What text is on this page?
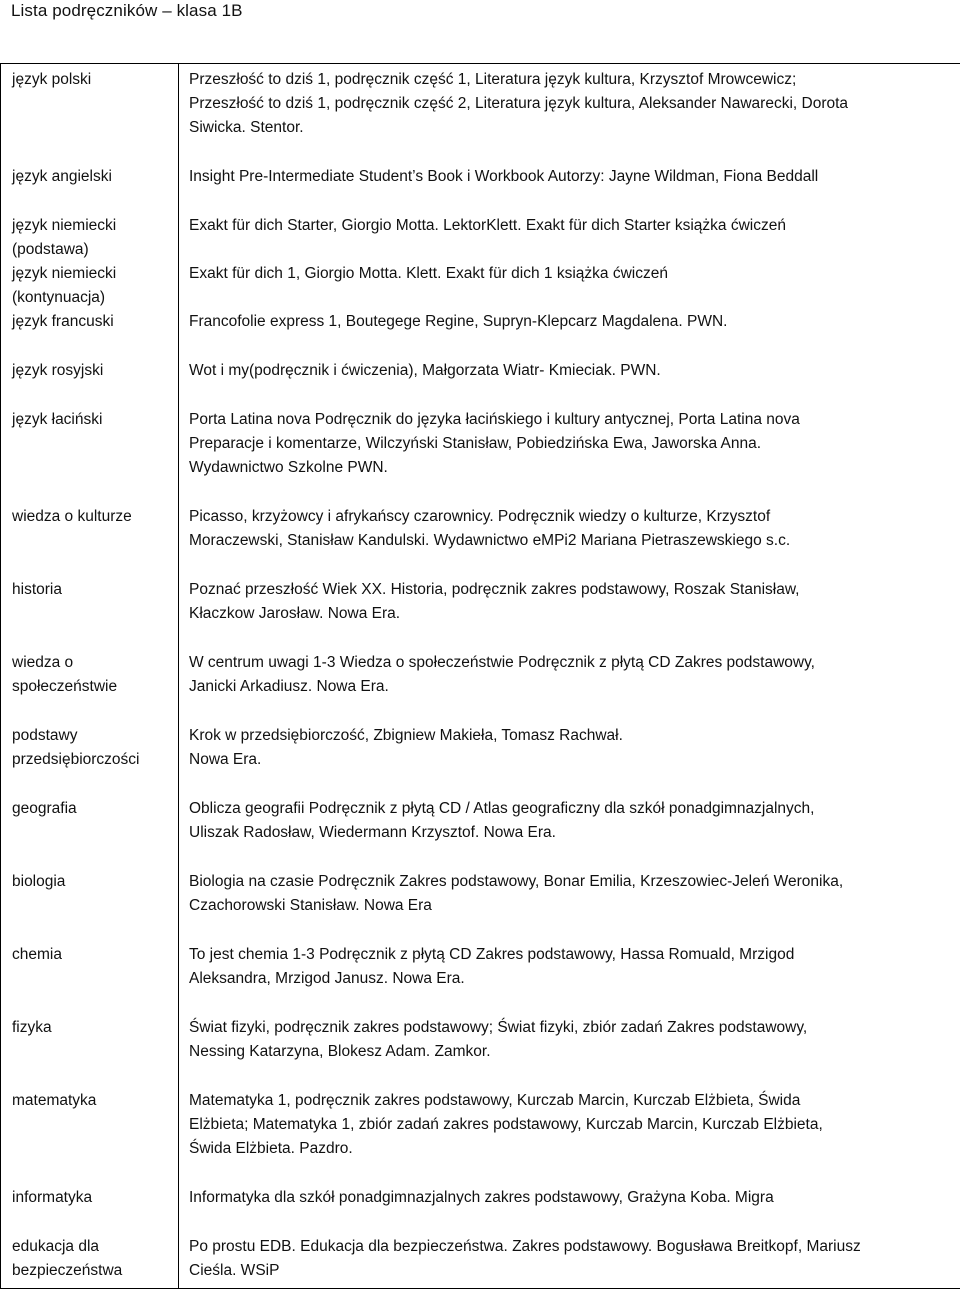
Lista podręczników – klasa 1B
język polski	Przeszłość to dziś 1, podręcznik część 1, Literatura język kultura, Krzysztof Mrowcewicz;
Przeszłość to dziś 1, podręcznik część 2, Literatura język kultura, Aleksander Nawarecki, Dorota
Siwicka. Stentor.

język angielski	Insight Pre-Intermediate Student’s Book i Workbook Autorzy: Jayne Wildman, Fiona Beddall

język niemiecki
(podstawa)	Exakt für dich Starter, Giorgio Motta. LektorKlett. Exakt für dich Starter książka ćwiczeń

język niemiecki
(kontynuacja)	Exakt für dich 1, Giorgio Motta. Klett. Exakt für dich 1 książka ćwiczeń

język francuski	Francofolie express 1, Boutegege Regine, Supryn-Klepcarz Magdalena. PWN.

język rosyjski	Wot i my(podręcznik i ćwiczenia), Małgorzata Wiatr- Kmieciak. PWN.

język łaciński	Porta Latina nova Podręcznik do języka łacińskiego i kultury antycznej, Porta Latina nova
Preparacje i komentarze, Wilczyński Stanisław, Pobiedzińska Ewa, Jaworska Anna.
Wydawnictwo Szkolne PWN.

wiedza o kulturze	Picasso, krzyżowcy i afrykańscy czarownicy. Podręcznik wiedzy o kulturze, Krzysztof
Moraczewski, Stanisław Kandulski. Wydawnictwo eMPi2 Mariana Pietraszewskiego s.c.

historia	Poznać przeszłość Wiek XX. Historia, podręcznik zakres podstawowy, Roszak Stanisław,
Kłaczkow Jarosław. Nowa Era.

wiedza o
społeczeństwie	W centrum uwagi 1-3 Wiedza o społeczeństwie Podręcznik z płytą CD Zakres podstawowy,
Janicki Arkadiusz. Nowa Era.

podstawy
przedsiębiorczości	Krok w przedsiębiorczość, Zbigniew Makieła, Tomasz Rachwał.
Nowa Era.

geografia	Oblicza geografii Podręcznik z płytą CD / Atlas geograficzny dla szkół ponadgimnazjalnych,
Uliszak Radosław, Wiedermann Krzysztof. Nowa Era.

biologia	Biologia na czasie Podręcznik Zakres podstawowy, Bonar Emilia, Krzeszowiec-Jeleń Weronika,
Czachorowski Stanisław. Nowa Era

chemia	To jest chemia 1-3 Podręcznik z płytą CD Zakres podstawowy, Hassa Romuald, Mrzigod
Aleksandra, Mrzigod Janusz. Nowa Era.

fizyka	Świat fizyki, podręcznik zakres podstawowy; Świat fizyki, zbiór zadań Zakres podstawowy,
Nessing Katarzyna, Blokesz Adam. Zamkor.

matematyka	Matematyka 1, podręcznik zakres podstawowy, Kurczab Marcin, Kurczab Elżbieta, Świda
Elżbieta; Matematyka 1, zbiór zadań zakres podstawowy, Kurczab Marcin, Kurczab Elżbieta,
Świda Elżbieta. Pazdro.

informatyka	Informatyka dla szkół ponadgimnazjalnych zakres podstawowy, Grażyna Koba. Migra

edukacja dla
bezpieczeństwa	Po prostu EDB. Edukacja dla bezpieczeństwa. Zakres podstawowy. Bogusława Breitkopf, Mariusz
Cieśla. WSiP
